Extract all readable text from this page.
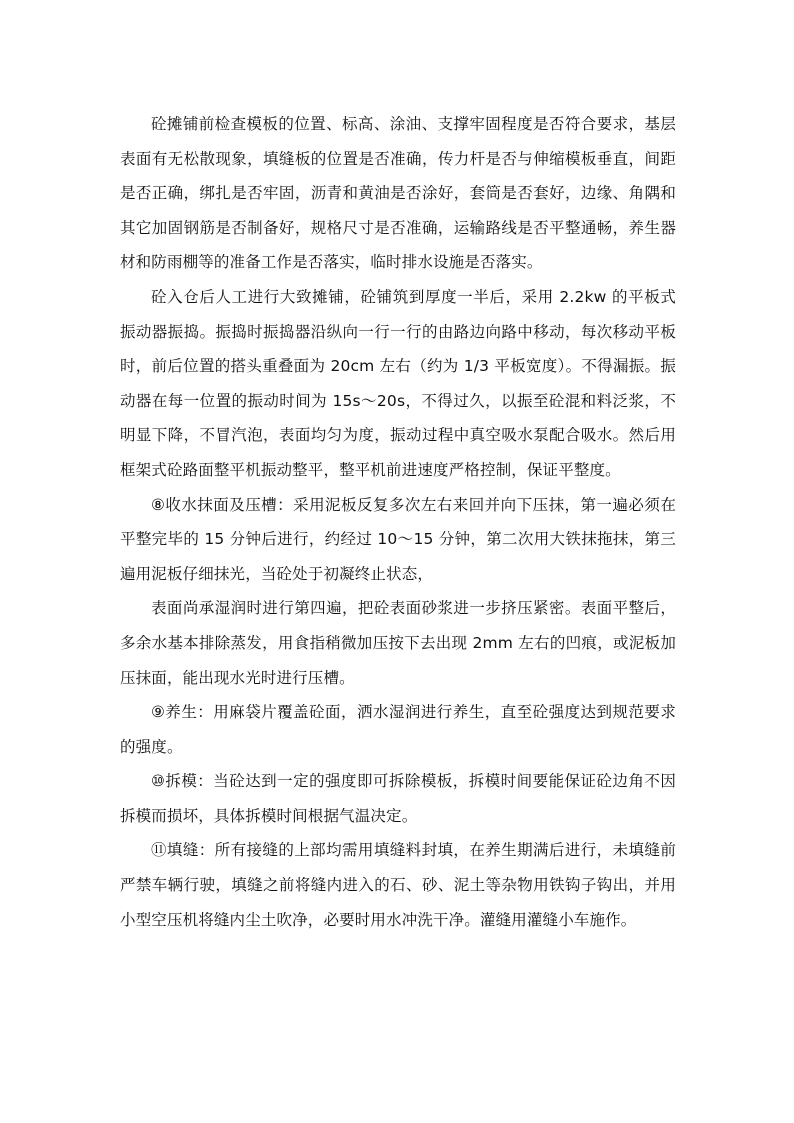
砼摊铺前检查模板的位置、标高、涂油、支撑牢固程度是否符合要求，基层表面有无松散现象，填缝板的位置是否准确，传力杆是否与伸缩模板垂直，间距是否正确，绑扎是否牢固，沥青和黄油是否涂好，套筒是否套好，边缘、角隅和其它加固钢筋是否制备好，规格尺寸是否准确，运输路线是否平整通畅，养生器材和防雨棚等的准备工作是否落实，临时排水设施是否落实。

砼入仓后人工进行大致摊铺，砼铺筑到厚度一半后，采用 2.2kw 的平板式振动器振捣。振捣时振捣器沿纵向一行一行的由路边向路中移动，每次移动平板时，前后位置的搭头重叠面为 20cm 左右（约为 1/3 平板宽度）。不得漏振。振动器在每一位置的振动时间为 15s～20s，不得过久，以振至砼混和料泛浆，不明显下降，不冒汽泡，表面均匀为度，振动过程中真空吸水泵配合吸水。然后用框架式砼路面整平机振动整平，整平机前进速度严格控制，保证平整度。

⑧收水抹面及压槽：采用泥板反复多次左右来回并向下压抹，第一遍必须在平整完毕的 15 分钟后进行，约经过 10～15 分钟，第二次用大铁抹拖抹，第三遍用泥板仔细抹光，当砼处于初凝终止状态，

表面尚承湿润时进行第四遍，把砼表面砂浆进一步挤压紧密。表面平整后，多余水基本排除蒸发，用食指稍微加压按下去出现 2mm 左右的凹痕，或泥板加压抹面，能出现水光时进行压槽。

⑨养生：用麻袋片覆盖砼面，洒水湿润进行养生，直至砼强度达到规范要求的强度。

⑩拆模：当砼达到一定的强度即可拆除模板，拆模时间要能保证砼边角不因拆模而损坏，具体拆模时间根据气温决定。

⑪填缝：所有接缝的上部均需用填缝料封填，在养生期满后进行，未填缝前严禁车辆行驶，填缝之前将缝内进入的石、砂、泥土等杂物用铁钩子钩出，并用小型空压机将缝内尘土吹净，必要时用水冲洗干净。灌缝用灌缝小车施作。
